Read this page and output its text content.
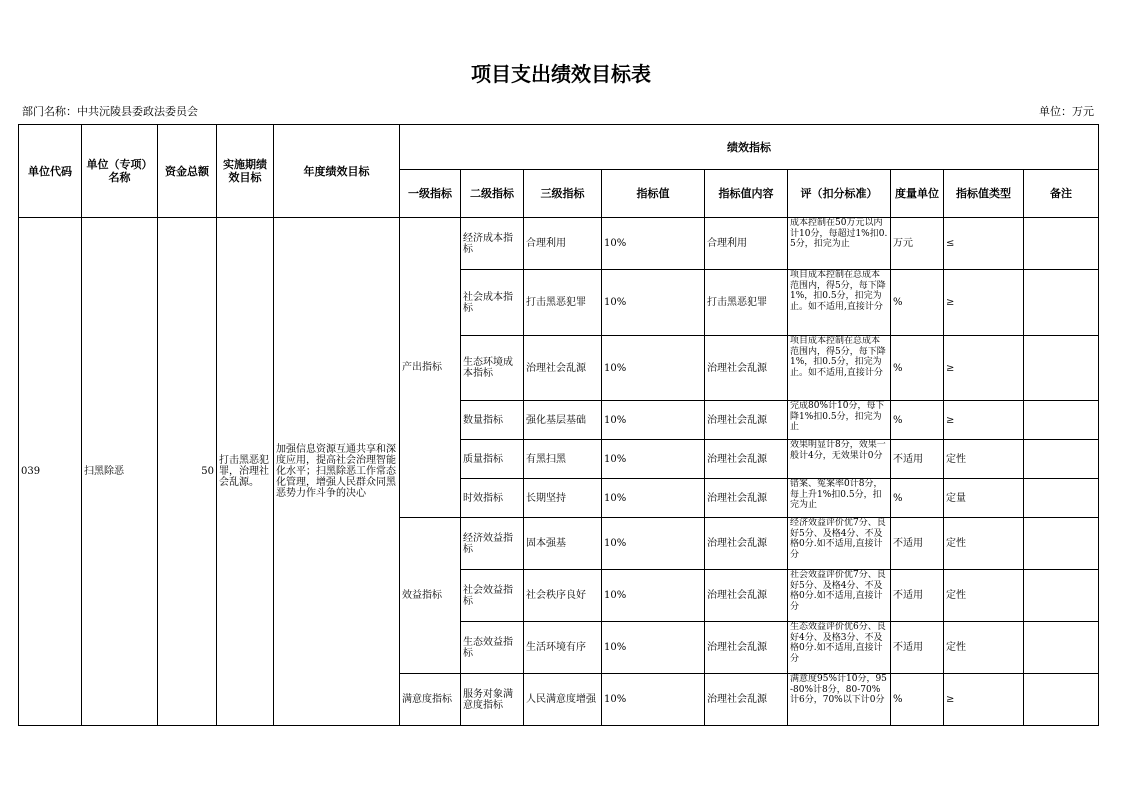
项目支出绩效目标表
部门名称：中共沅陵县委政法委员会	单位：万元
单位代码	单位（专项）名称	资金总额	实施期绩效目标	年度绩效目标	绩效指标								
					一级指标	二级指标	三级指标	指标值	指标值内容	评（扣分标准）	度量单位	指标值类型	备注
039	扫黑除恶	50	打击黑恶犯罪，治理社会乱源。	加强信息资源互通共享和深度应用，提高社会治理智能化水平；扫黑除恶工作常态化管理，增强人民群众同黑恶势力作斗争的决心	产出指标	经济成本指标	合理利用	10%	合理利用	成本控制在50万元以内计10分，每超过1%扣0.5分，扣完为止	万元	≤	
						社会成本指标	打击黑恶犯罪	10%	打击黑恶犯罪	项目成本控制在总成本范围内，得5分，每下降1%，扣0.5分，扣完为止。如不适用,直接计分	%	≥	
						生态环境成本指标	治理社会乱源	10%	治理社会乱源	项目成本控制在总成本范围内，得5分，每下降1%，扣0.5分，扣完为止。如不适用,直接计分	%	≥	
						数量指标	强化基层基础	10%	治理社会乱源	完成80%计10分，每下降1%扣0.5分，扣完为止	%	≥	
						质量指标	有黑扫黑	10%	治理社会乱源	效果明显计8分，效果一般计4分，无效果计0分	不适用	定性	
						时效指标	长期坚持	10%	治理社会乱源	错案、冤案率0计8分，每上升1%扣0.5分，扣完为止	%	定量	
					效益指标	经济效益指标	固本强基	10%	治理社会乱源	经济效益评价优7分、良好5分、及格4分、不及格0分.如不适用,直接计分	不适用	定性	
						社会效益指标	社会秩序良好	10%	治理社会乱源	社会效益评价优7分、良好5分、及格4分、不及格0分.如不适用,直接计分	不适用	定性	
						生态效益指标	生活环境有序	10%	治理社会乱源	生态效益评价优6分、良好4分、及格3分、不及格0分.如不适用,直接计分	不适用	定性	
					满意度指标	服务对象满意度指标	人民满意度增强	10%	治理社会乱源	满意度95%计10分，95-80%计8分，80-70%计6分，70%以下计0分	%	≥	
